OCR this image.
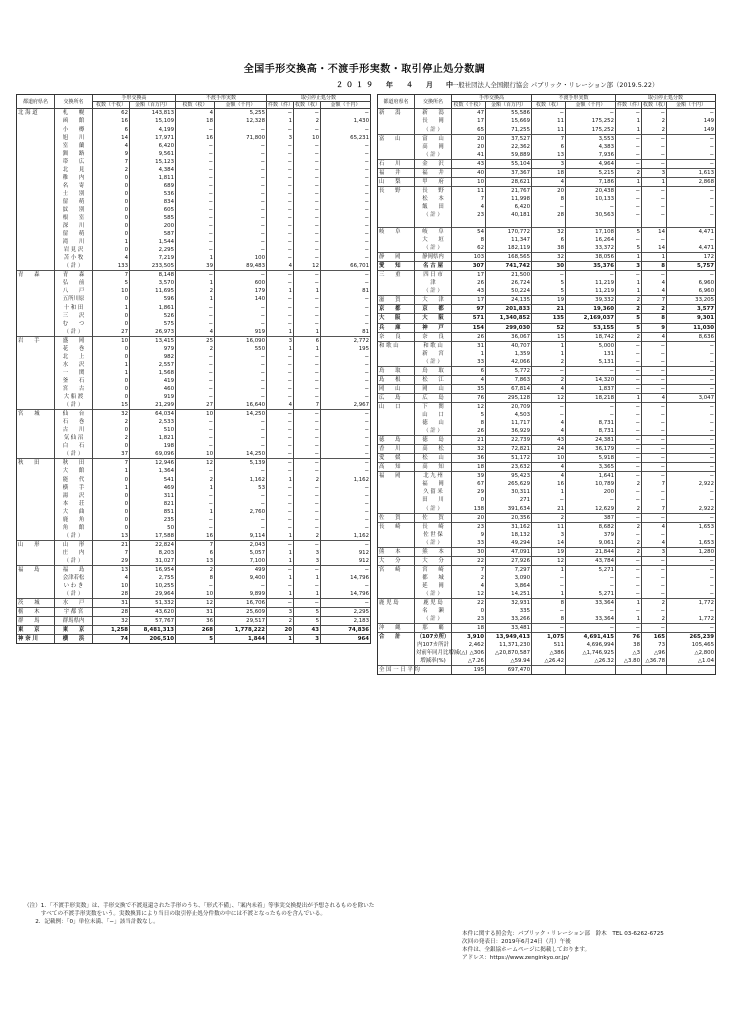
全国手形交換高・不渡手形実数・取引停止処分数調
２０１９　年　４　月　中
一般社団法人全国銀行協会 パブリック・リレーション部（2019.5.22）
都道府県名	交換所名	手形交換高		不渡手形実数		取引停止処分数		
		枚数（千枚）	金額（百万円）	枚数（枚）	金額（千円）	件数（件）	枚数（枚）	金額（千円）
北 海 道	札　　幌	62	143,813	4	5,255	−	−	−
	函　　館	16	15,109	18	12,328	1	2	1,430
	小　　樽	6	4,199	−	−	−	−	−
	旭　　川	14	17,971	16	71,800	3	10	65,231
	室　　蘭	4	6,420	−	−	−	−	−
	釧　　路	9	9,561	−	−	−	−	−
	帯　　広	7	15,123	−	−	−	−	−
	北　　見	2	4,384	−	−	−	−	−
	稚　　内	0	1,811	−	−	−	−	−
	名　　寄	0	689	−	−	−	−	−
	士　　別	0	536	−	−	−	−	−
	留　　萌	0	834	−	−	−	−	−
	紋　　別	0	605	−	−	−	−	−
	根　　室	0	585	−	−	−	−	−
	深　　川	0	200	−	−	−	−	−
	留　　萌	0	587	−	−	−	−	−
	滝　　川	1	1,544	−	−	−	−	−
	岩 見 沢	0	2,295	−	−	−	−	−
	苫 小 牧	4	7,219	1	100	−	−	−
	（ 計 ）	133	233,505	39	89,483	4	12	66,701
青　　森	青　　森	7	8,148	−	−	−	−	−
	弘　　前	5	3,570	1	600	−	−	−
	八　　戸	10	11,695	2	179	1	1	81
	五所川原	0	596	1	140	−	−	−
	十 和 田	1	1,861	−	−	−	−	−
	三　　沢	0	526	−	−	−	−	−
	む　　つ	0	575	−	−	−	−	−
	（ 計 ）	27	26,973	4	919	1	1	81
岩　　手	盛　　岡	10	13,415	25	16,090	3	6	2,772
	花　　巻	0	979	2	550	1	1	195
	北　　上	0	982	−	−	−	−	−
	水　　沢	1	2,557	−	−	−	−	−
	一　　関	1	1,568	−	−	−	−	−
	釜　　石	0	419	−	−	−	−	−
	宮　　古	0	460	−	−	−	−	−
	大 船 渡	0	919	−	−	−	−	−
	（ 計 ）	15	21,299	27	16,640	4	7	2,967
宮　　城	仙　　台	32	64,034	10	14,250	−	−	−
	石　　巻	2	2,533	−	−	−	−	−
	古　　川	0	510	−	−	−	−	−
	気 仙 沼	2	1,821	−	−	−	−	−
	白　　石	0	198	−	−	−	−	−
	（ 計 ）	37	69,096	10	14,250	−	−	−
秋　　田	秋　　田	7	12,946	12	5,139	−	−	−
	大　　館	1	1,364	−	−	−	−	−
	能　　代	0	541	2	1,162	1	2	1,162
	横　　手	1	469	1	53	−	−	−
	湯　　沢	0	311	−	−	−	−	−
	本　　荘	0	821	−	−	−	−	−
	大　　曲	0	851	1	2,760	−	−	−
	鹿　　角	0	235	−	−	−	−	−
	角　　館	0	50	−	−	−	−	−
	（ 計 ）	13	17,588	16	9,114	1	2	1,162
山　　形	山　　形	21	22,824	7	2,043	−	−	−
	庄　　内	7	8,203	6	5,057	1	3	912
	（ 計 ）	29	31,027	13	7,100	1	3	912
福　　島	福　　島	13	16,954	2	499	−	−	−
	会津若松	4	2,755	8	9,400	1	1	14,796
	い わ き	10	10,255	−	−	−	−	−
	（ 計 ）	28	29,964	10	9,899	1	1	14,796
茨　　城	水　　戸	31	51,332	12	16,706	−	−	−
栃　　木	宇 都 宮	28	43,620	31	25,609	3	5	2,295
群　　馬	群馬県内	32	57,767	36	29,517	2	5	2,183
東　　京	東　　京	1,258	8,481,313	268	1,778,222	20	43	74,836
神 奈 川	横　　浜	74	206,510	5	1,844	1	3	964
都道府県名	交換所名	手形交換高		不渡手形実数		取引停止処分数		
		枚数（千枚）	金額（百万円）	枚数（枚）	金額（千円）	件数（件）	枚数（枚）	金額（千円）
新　　潟	新　　潟	47	55,586	−	−	−	−	−
	長　　岡	17	15,669	11	175,252	1	2	149
	（ 計 ）	65	71,255	11	175,252	1	2	149
富　　山	富　　山	20	37,527	7	3,553	−	−	−
	高　　岡	20	22,362	6	4,383	−	−	−
	（ 計 ）	41	59,889	13	7,936	−	−	−
石　　川	金　　沢	43	55,104	3	4,964	−	−	−
福　　井	福　　井	40	37,367	18	5,215	2	3	1,613
山　　梨	甲　　府	10	28,621	4	7,186	1	1	2,868
長　　野	長　　野	11	21,767	20	20,438	−	−	−
	松　　本	7	11,998	8	10,133	−	−	−
	飯　　田	4	6,420	−	−	−	−	−
	（ 計 ）	23	40,181	28	30,563	−	−	−

岐　　阜	岐　　阜	54	170,772	32	17,108	5	14	4,471
	大　　垣	8	11,347	6	16,264	−	−	−
	（ 計 ）	62	182,119	38	33,372	5	14	4,471
静　　岡	静岡県内	103	168,565	32	38,056	1	1	172
愛　　知	名 古 屋	307	741,742	30	35,376	3	8	5,757
三　　重	四 日 市	17	21,500	−	−	−	−	−
	津	26	26,724	5	11,219	1	4	6,960
	（ 計 ）	43	50,224	5	11,219	1	4	6,960
滋　　賀	大　　津	17	24,135	19	39,332	2	7	33,205
京　　都	京　　都	97	201,833	21	19,360	2	2	3,577
大　　阪	大　　阪	571	1,340,852	135	2,169,037	5	8	9,301
兵　　庫	神　　戸	154	299,030	52	53,155	5	9	11,030
奈　　良	奈　　良	26	36,067	15	18,742	2	4	8,636
和 歌 山	和 歌 山	31	40,707	1	5,000	−	−	−
	新　　宮	1	1,359	1	131	−	−	−
	（ 計 ）	33	42,066	2	5,131	−	−	−
鳥　　取	鳥　　取	6	5,772	−	−	−	−	−
島　　根	松　　江	4	7,863	2	14,320	−	−	−
岡　　山	岡　　山	35	67,814	4	1,837	−	−	−
広　　島	広　　島	76	295,128	12	18,218	1	4	3,047
山　　口	下　　関	12	20,709	−	−	−	−	−
	山　　口	5	4,503	−	−	−	−	−
	徳　　山	8	11,717	4	8,731	−	−	−
	（ 計 ）	26	36,929	4	8,731	−	−	−
徳　　島	徳　　島	21	22,739	43	24,381	−	−	−
香　　川	高　　松	32	72,821	24	36,179	−	−	−
愛　　媛	松　　山	36	51,172	10	5,918	−	−	−
高　　知	高　　知	18	23,632	4	3,365	−	−	−
福　　岡	北 九 州	39	95,423	4	1,641	−	−	−
	福　　岡	67	265,629	16	10,789	2	7	2,922
	久 留 米	29	30,311	1	200	−	−	−
	田　　川	0	271	−	−	−	−	−
	（ 計 ）	138	391,634	21	12,629	2	7	2,922
佐　　賀	佐　　賀	20	20,356	2	387	−	−	−
長　　崎	長　　崎	23	31,162	11	8,682	2	4	1,653
	佐 世 保	9	18,132	3	379	−	−	−
	（ 計 ）	33	49,294	14	9,061	2	4	1,653
熊　　本	熊　　本	30	47,091	19	21,844	2	3	1,280
大　　分	大　　分	22	27,926	12	43,784	−	−	−
宮　　崎	宮　　崎	7	7,297	1	5,271	−	−	−
	都　　城	2	3,090	−	−	−	−	−
	延　　岡	4	3,864	−	−	−	−	−
	（ 計 ）	12	14,251	1	5,271	−	−	−
鹿 児 島	鹿 児 島	22	32,931	8	33,364	1	2	1,772
	名　　瀬	0	335	−	−	−	−	−
	（ 計 ）	23	33,266	8	33,364	1	2	1,772
沖　　縄	那　　覇	18	33,481	−	−	−	−	−
合　　計	（107カ所）	3,910	13,949,413	1,075	4,691,415	76	165	265,239
	内107カ所計	2,462	11,371,230	511	4,696,994	38	73	105,465
	対前年同月比増減(△)	△306	△20,870,587	△386	△1,746,925	△3	△96	△2,800
	増減率(%)	△7.26	△59.94	△26.42	△26.32	△3.80	△36.78	△1.04
全 国 一 日 平 均		195	697,470					
（注）1．「不渡手形実数」は、手形交換で不渡返還された手形のうち、「形式不備」、「案内未着」等事実交換提出が予想されるものを除いた
　　　すべての不渡手形実数をいう。実数換算により当日の取引停止処分件数の中には不渡となったものを含んでいる。
　　2．記載例：「0」単位未満、「−」該当計数なし。
本件に関する照会先：パブリック・リレーション部　鈴木　TEL 03-6262-6725
次回の発表日：2019年6月24日（月）午後
本件は、全銀協ホームページに掲載しております。
アドレス：https://www.zenginkyo.or.jp/
